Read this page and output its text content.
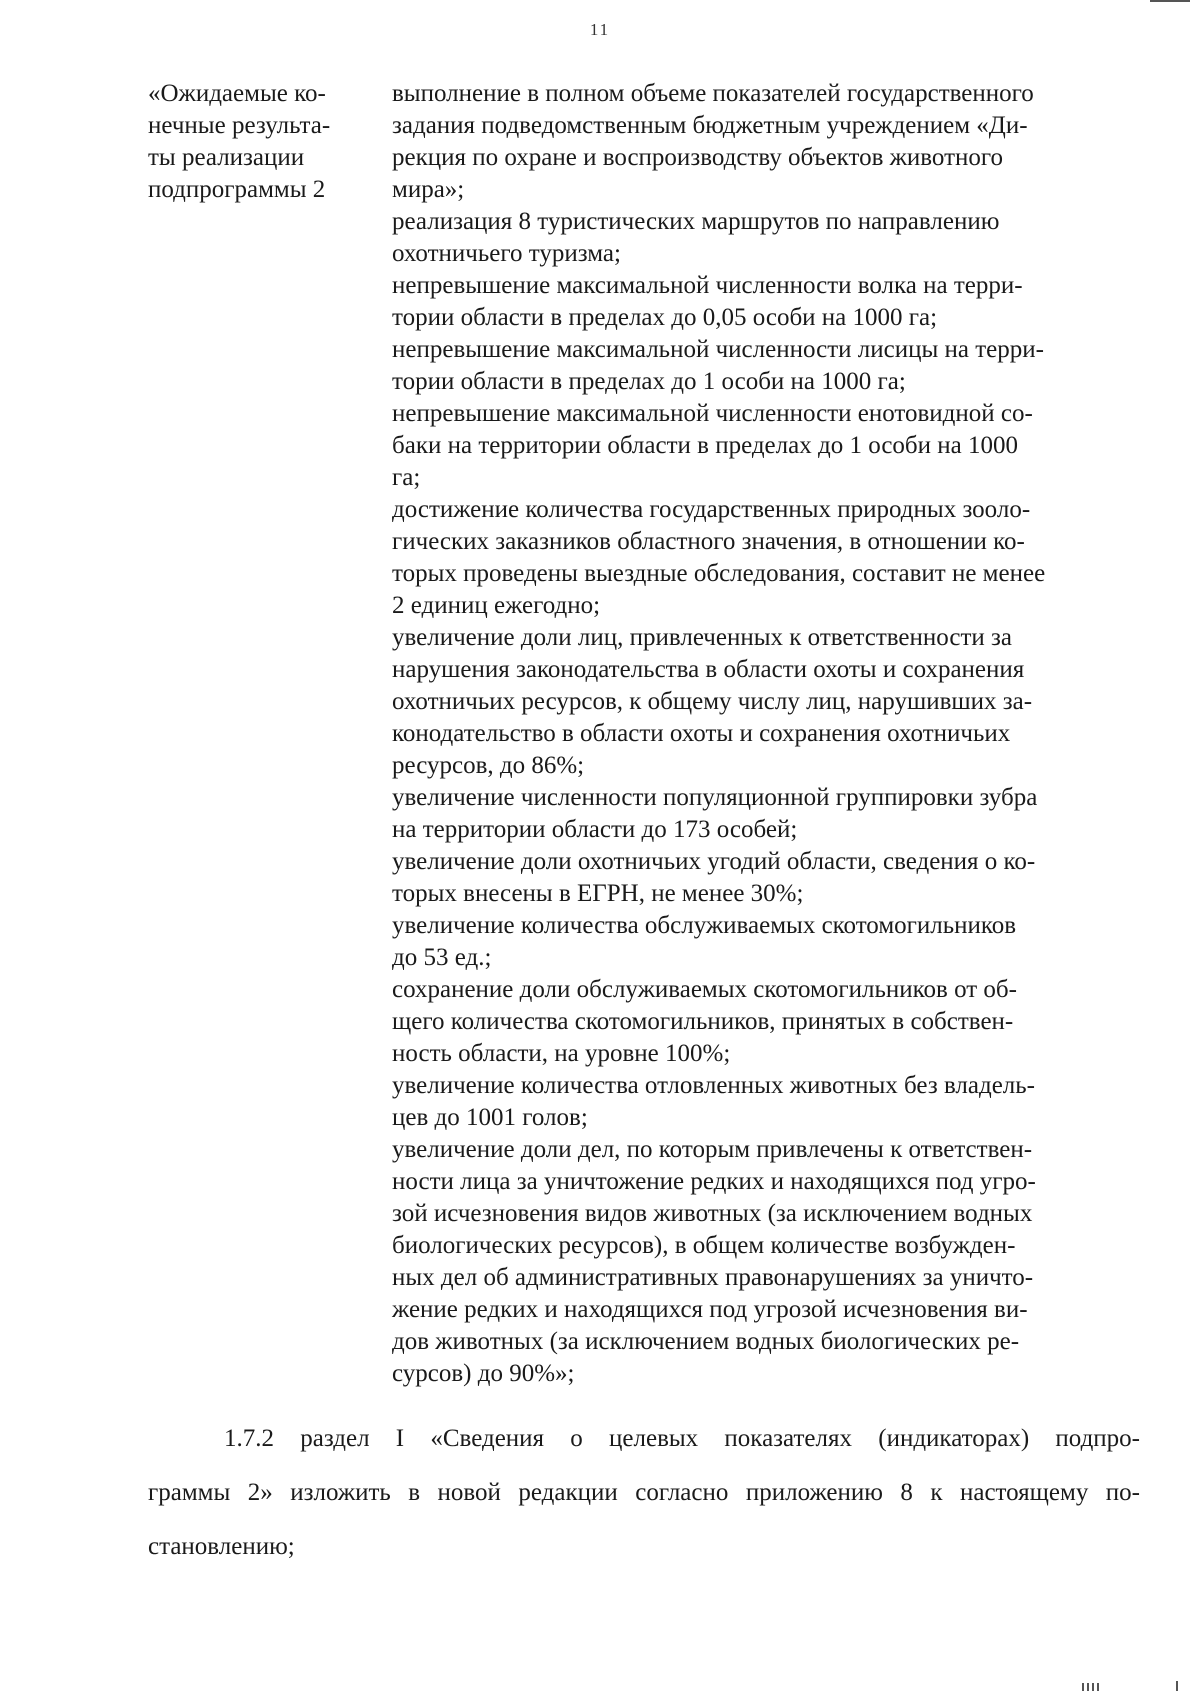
11
«Ожидаемые ко-
нечные результа-
ты реализации
подпрограммы 2
выполнение в полном объеме показателей государственного
задания подведомственным бюджетным учреждением «Ди-
рекция по охране и воспроизводству объектов животного
мира»;
реализация 8 туристических маршрутов по направлению
охотничьего туризма;
непревышение максимальной численности волка на терри-
тории области в пределах до 0,05 особи на 1000 га;
непревышение максимальной численности лисицы на терри-
тории области в пределах до 1 особи на 1000 га;
непревышение максимальной численности енотовидной со-
баки на территории области в пределах до 1 особи на 1000
га;
достижение количества государственных природных зооло-
гических заказников областного значения, в отношении ко-
торых проведены выездные обследования, составит не менее
2 единиц ежегодно;
увеличение доли лиц, привлеченных к ответственности за
нарушения законодательства в области охоты и сохранения
охотничьих ресурсов, к общему числу лиц, нарушивших за-
конодательство в области охоты и сохранения охотничьих
ресурсов, до 86%;
увеличение численности популяционной группировки зубра
на территории области до 173 особей;
увеличение доли охотничьих угодий области, сведения о ко-
торых внесены в ЕГРН, не менее 30%;
увеличение количества обслуживаемых скотомогильников
до 53 ед.;
сохранение доли обслуживаемых скотомогильников от об-
щего количества скотомогильников, принятых в собствен-
ность области, на уровне 100%;
увеличение количества отловленных животных без владель-
цев до 1001 голов;
увеличение доли дел, по которым привлечены к ответствен-
ности лица за уничтожение редких и находящихся под угро-
зой исчезновения видов животных (за исключением водных
биологических ресурсов), в общем количестве возбужден-
ных дел об административных правонарушениях за уничто-
жение редких и находящихся под угрозой исчезновения ви-
дов животных (за исключением водных биологических ре-
сурсов) до 90%»;
1.7.2 раздел I «Сведения о целевых показателях (индикаторах) подпро-
граммы 2» изложить в новой редакции согласно приложению 8 к настоящему по-
становлению;
